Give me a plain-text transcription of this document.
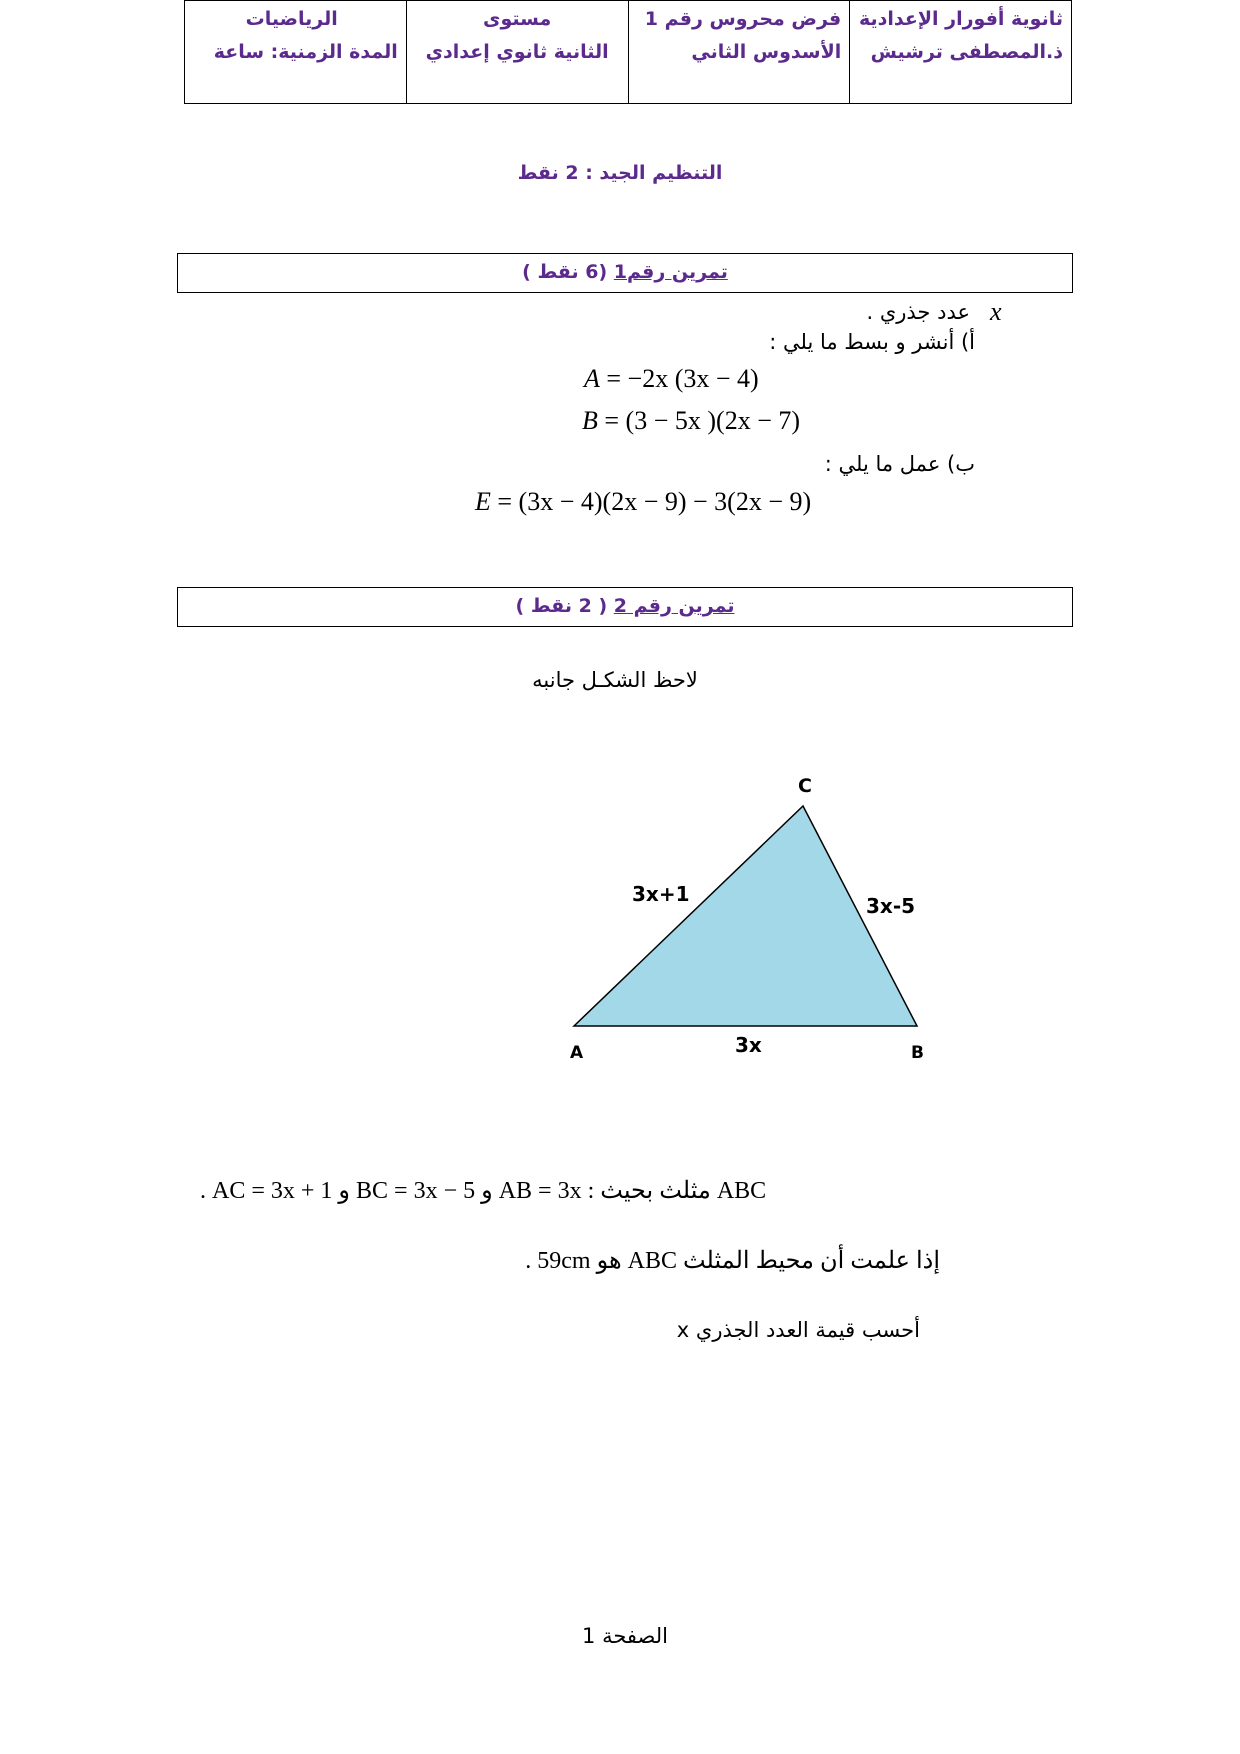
ثانوية أفورار الإعدادية
ذ.المصطفى ترشيش

فرض محروس رقم 1
الأسدوس الثاني

مستوى
الثانية ثانوي إعدادي

الرياضيات
المدة الزمنية: ساعة
التنظيم الجيد : 2 نقط
تمرين رقم1 (6 نقط )
x
عدد جذري .
أ) أنشر و بسط ما يلي :
A = −2x (3x − 4)
B = (3 − 5x )(2x − 7)
ب) عمل ما يلي :
E = (3x − 4)(2x − 9) − 3(2x − 9)
تمرين رقم 2 ( 2 نقط )
لاحظ الشكـل جانبه
C
A	B
3x+1	3x-5
3x
ABC مثلث بحيث : AB = 3x و BC = 3x − 5 و AC = 3x + 1 .
إذا علمت أن محيط المثلث ABC هو 59cm .
أحسب قيمة العدد الجذري x
الصفحة 1
